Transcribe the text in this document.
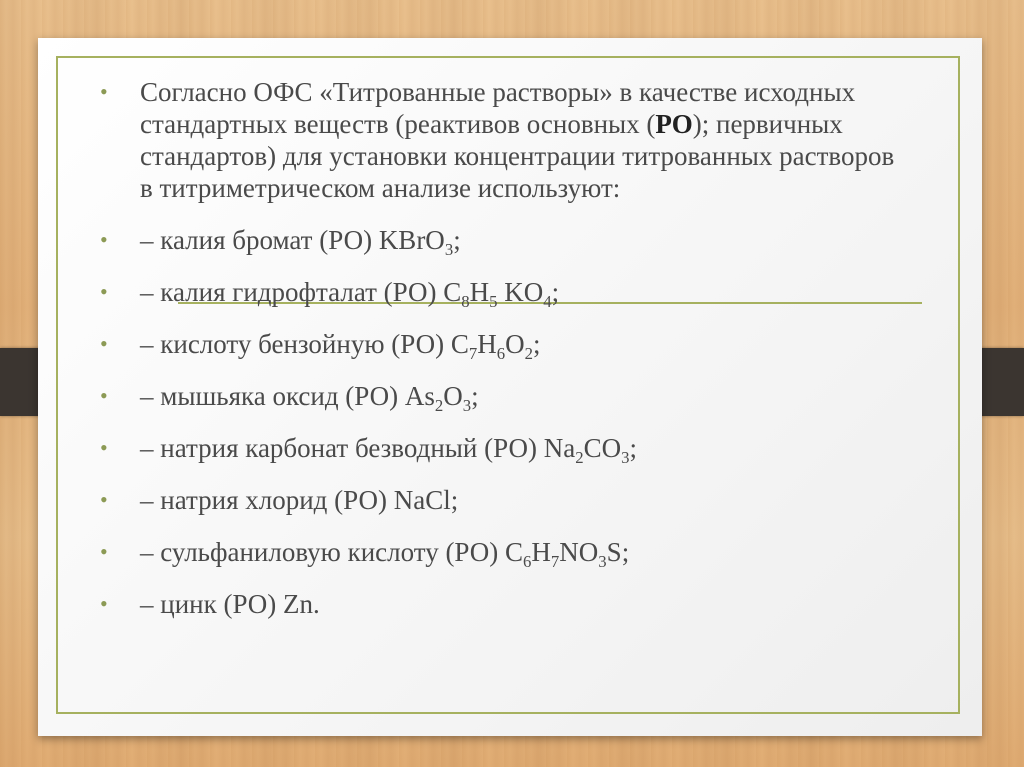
• Согласно ОФС «Титрованные растворы» в качестве исходных стандартных веществ (реактивов основных (РО); первичных стандартов) для установки концентрации титрованных растворов в титриметрическом анализе используют:
• – калия бромат (РО) KBrO$_3$;
• – калия гидрофталат (РО) $C_8H_5$ $KO_4$;
• – кислоту бензойную (РО) $C_7H_6O_2$;
• – мышьяка оксид (РО) $As_2O_3$;
• – натрия карбонат безводный (РО) $Na_2CO_3$;
• – натрия хлорид (РО) NaCl;
• – сульфаниловую кислоту (РО) $C_6H_7NO_3S$;
• – цинк (РО) Zn.
